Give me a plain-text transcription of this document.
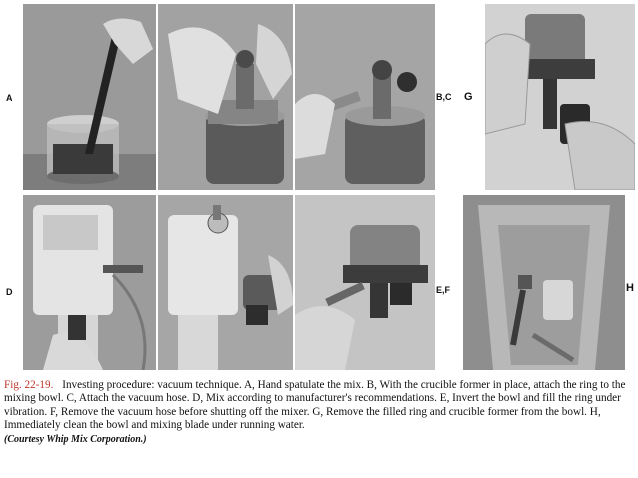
A	B,C G
D	E,F	H
Fig. 22-19. Investing procedure: vacuum technique. A, Hand spatulate the mix. B, With the crucible former in place, attach the ring to the mixing bowl. C, Attach the vacuum hose. D, Mix according to manufacturer's recommendations. E, Invert the bowl and fill the ring under vibration. F, Remove the vacuum hose before shutting off the mixer. G, Remove the filled ring and crucible former from the bowl. H, Immediately clean the bowl and mixing blade under running water.
(Courtesy Whip Mix Corporation.)
